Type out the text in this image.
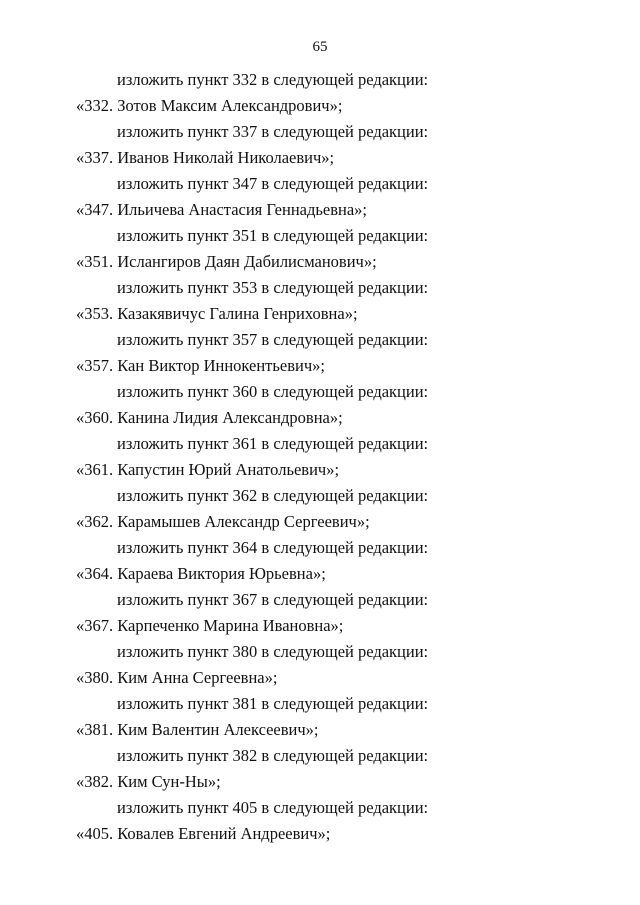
65
изложить пункт 332 в следующей редакции:
«332. Зотов Максим Александрович»;
изложить пункт 337 в следующей редакции:
«337. Иванов Николай Николаевич»;
изложить пункт 347 в следующей редакции:
«347. Ильичева Анастасия Геннадьевна»;
изложить пункт 351 в следующей редакции:
«351. Ислангиров Даян Дабилисманович»;
изложить пункт 353 в следующей редакции:
«353. Казакявичус Галина Генриховна»;
изложить пункт 357 в следующей редакции:
«357. Кан Виктор Иннокентьевич»;
изложить пункт 360 в следующей редакции:
«360. Канина Лидия Александровна»;
изложить пункт 361 в следующей редакции:
«361. Капустин Юрий Анатольевич»;
изложить пункт 362 в следующей редакции:
«362. Карамышев Александр Сергеевич»;
изложить пункт 364 в следующей редакции:
«364. Караева Виктория Юрьевна»;
изложить пункт 367 в следующей редакции:
«367. Карпеченко Марина Ивановна»;
изложить пункт 380 в следующей редакции:
«380. Ким Анна Сергеевна»;
изложить пункт 381 в следующей редакции:
«381. Ким Валентин Алексеевич»;
изложить пункт 382 в следующей редакции:
«382. Ким Сун-Ны»;
изложить пункт 405 в следующей редакции:
«405. Ковалев Евгений Андреевич»;
